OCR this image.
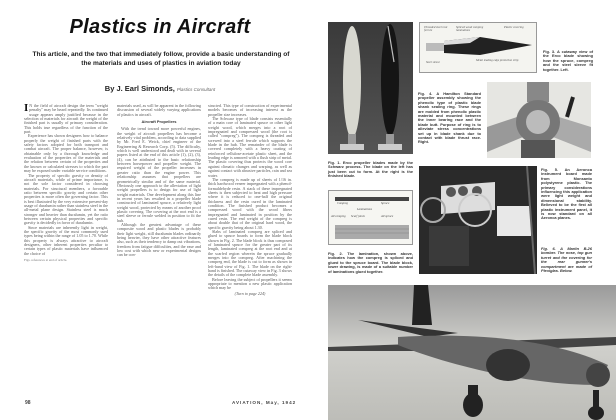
Plastics in Aircraft
This article, and the two that immediately follow, provide a basic understanding of the materials and uses of plastics in aviation today
By J. Earl Simonds, Plastics Consultant

I N the field of aircraft design the term "weight penalty" may be heard repeatedly. Its continued usage appears amply justified because in the selection of materials for aircraft the weight of the finished part is usually of primary consideration. This holds true regardless of the function of the part.

Experience has shown designers how to balance properly the weight of finished parts with the safety factors adopted for both transport and combat aircraft. The proper balance, however, is obtainable only by a thorough knowledge and evaluation of the properties of the materials and the relation between certain of the properties and the known or calculated stresses to which the part may be exposed under variable service conditions.

The property of specific gravity or density of aircraft materials, while of prime importance, is not the sole factor considered in choosing materials. For structural members, a favorable ratio between specific gravity and certain other properties is more often the governing factor. This is best illustrated by the very extensive present-day usage of duralumin rather than stainless steel in the all-metal plane design. Stainless steel is much stronger and heavier than duralumin, yet the ratio between certain physical properties and specific gravity is decidedly in favor of duralumin.

Since materials are inherently light in weight, the specific gravity of the most commonly used types being within the range of 1.05 to 1.70. While this property is always attractive to aircraft designers, other inherent properties peculiar to certain types of plastic materials have influenced the choice of

Figs. references at end of article.

materials used, as will be apparent in the following discussion of several widely varying applications of plastics in aircraft.

Aircraft Propellers

With the trend toward more powerful engines, the weight of aircraft propellers has become a relatively vital problem, according to data supplied by Mr. Fred E. Weick, chief engineer of the Engineering & Research Corp. (5). The difficulty, which is well understood and dealt with in several papers listed at the end of this article (1), (2), (3), (4), can be attributed to the basic relationship between horsepower and propeller weight. The required weight of the propeller increases in greater ratio than the engine power. This relationship assumes that propellers are geometrically similar and of the same material. Obviously one approach to the alleviation of light weight propellers is to design for use of light weight materials. One development along this line in recent years has resulted in a propeller blade constructed of laminated spruce, a relatively light weight wood, protected by means of another proof plastic covering. The covering at the root end is a steel sleeve or ferrule welded in position to fit the hub.

Although the greatest advantage of these composite wood and plastic blades is probably their light weight, still duralumin blades ordinarily being heavier, they have other attractive features also, such as their tendency to damp out vibrations, freedom from fatigue difficulties, and the ease and low cost with which new or experimental designs can be con-

structed. This type of construction of experimental models becomes of increasing interest as the propeller size increases.

The Schwarz type of blade consists essentially of a main core of laminated spruce or other light weight wood, which merges into a root of impregnated and compressed wood (the root is called "compreg"). The compreg is threaded and screwed into a steel ferrule which supports the blade in the hub. The remainder of the blade is covered completely with a heavy coating of reinforced cellulose-acetate plastic sheet, and the leading edge is armored with a flush strip of metal. The plastic covering thus protects the wood core against climatic changes and warping, as well as against contact with abrasive particles, rain and sea water.

The compreg is made up of sheets of 1/16 in. thick hardwood veneer impregnated with a phenol-formaldehyde resin. A stack of these impregnated sheets is then subjected to heat and high pressure where it is reduced to one-half the original thickness and the resin cured in the laminated condition. The finished product becomes a compressed wood with the wood fibers impregnated and laminated in position by the cured resin. The end weight of the compreg is about double that of the original hard wood, the specific gravity being about 1.30.

Slabs of laminated compreg are spliced and glued to spruce boards to form the blade block shown in Fig. 2. The blade block is thus composed of laminated spruce for the greater part of its length, laminated compreg at the root end and at the scarfed region wherein the spruce gradually merges into the compreg. After machining the compreg end, the blade is cut to form as shown in left-hand view of Fig. 1. The blade on the right-hand is finished. The cutaway view in Fig. 3 shows the details of the complete blade assembly.

Before leaving the subject of propellers it seems appropriate to mention a new plastic application which may be

(Turn to page 224)
Fig. 1. Erco propeller blades made by the Schwarz process. The blade on the left has just been cut to form. At the right is the finished blade.
Threaded steel root ferrule
Spliced wood compreg laminations
Plastic covering
Steel sleeve	Metal leading edge protection strip
Fig. 3. A cutaway view of the Erco blade showing how the spruce, compreg and the steel sleeve fit together. Left.
Fig. 4. A Hamilton Standard propeller assembly showing the phenolic type of plastic blade shank sealing ring. These rings are molded from phenolic plastic material and mounted between the inner bearing race and the blade butt. Purpose of ring is to alleviate stress concentrations set up in blade shank due to contact with blade thrust race. Right.
Compreg	Spruce
Laminations
All compreg	Scarf joints	All spruce
Fig. 2. The lamination, shown above, indicates how the compreg is spliced and glued to the spruce board. The blade block, lower drawing, is made of a suitable number of laminations glued together.
Fig. 5. An Aeronca instrument board made from Monsanto polystyrene plastic. The primary considerations influencing this application were light weight and dimensional stability. Believed to be the first all plastic instrument panel, it is now standard on all Aeronca planes.
Fig. 6. A Martin B-26 bomber. The nose, top gun turret and the covering for the rear gunner's compartment are made of Plexiglas. Below.
98	AVIATION, May, 1942
